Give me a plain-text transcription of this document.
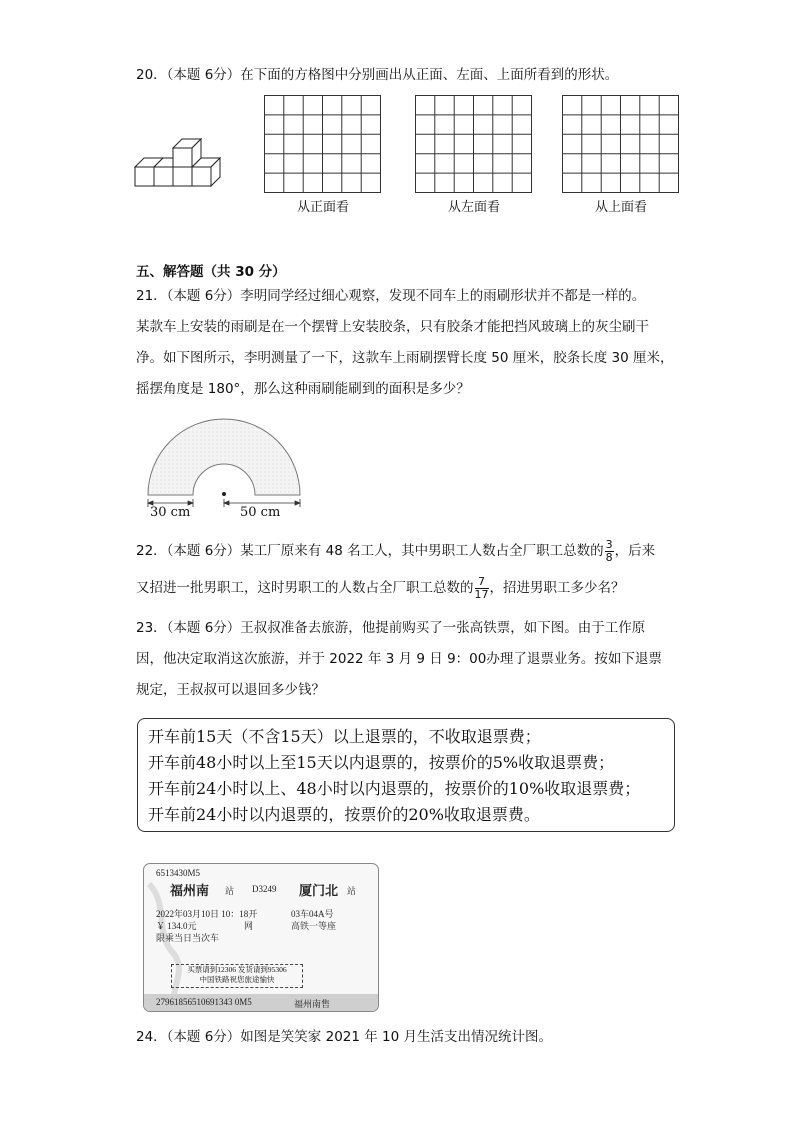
20．（本题 6分）在下面的方格图中分别画出从正面、左面、上面所看到的形状。
从正面看	从左面看	从上面看
五、解答题（共 30 分）
21．（本题 6分）李明同学经过细心观察，发现不同车上的雨刷形状并不都是一样的。
某款车上安装的雨刷是在一个摆臂上安装胶条，只有胶条才能把挡风玻璃上的灰尘刷干
净。如下图所示，李明测量了一下，这款车上雨刷摆臂长度 50 厘米，胶条长度 30 厘米，
摇摆角度是 180°，那么这种雨刷能刷到的面积是多少？
30 cm	50 cm
22．（本题 6分）某工厂原来有 48 名工人，其中男职工人数占全厂职工总数的 $\frac{3}{8}$ ，后来
又招进一批男职工，这时男职工的人数占全厂职工总数的 $\frac{7}{17}$ ，招进男职工多少名？
23．（本题 6分）王叔叔准备去旅游，他提前购买了一张高铁票，如下图。由于工作原
因，他决定取消这次旅游，并于 2022 年 3 月 9 日 9：00办理了退票业务。按如下退票
规定，王叔叔可以退回多少钱？
开车前15天（不含15天）以上退票的，不收取退票费；
开车前48小时以上至15天以内退票的，按票价的5%收取退票费；
开车前24小时以上、48小时以内退票的，按票价的10%收取退票费；
开车前24小时以内退票的，按票价的20%收取退票费。
6513430M5
福州南 站 D3249 厦门北 站
2022年03月10日 10：18开	03车04A号
￥ 134.0元	网	高铁一等座
限乘当日当次车
买票请到12306 发货请到95306
中国铁路祝您旅途愉快
27961856510691343 0M5	福州南售
24．（本题 6分）如图是笑笑家 2021 年 10 月生活支出情况统计图。
